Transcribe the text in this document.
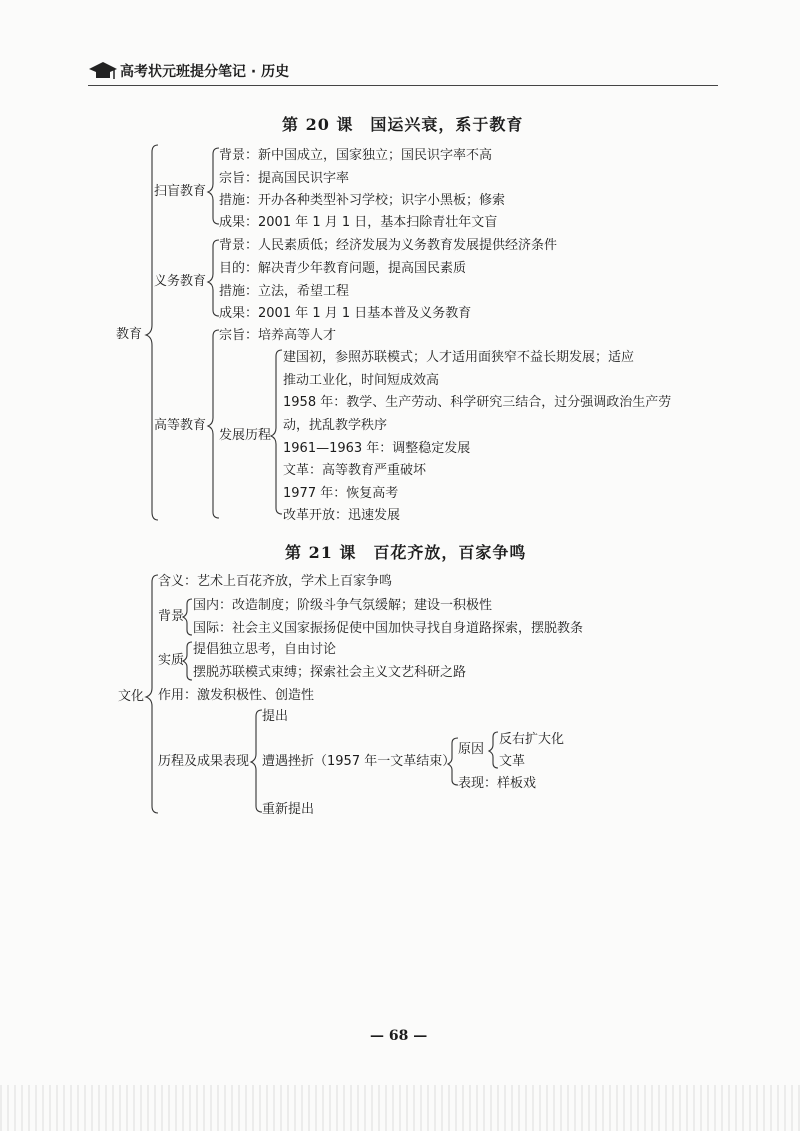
高考状元班提分笔记 · 历史
第 20 课　国运兴衰，系于教育
教育
扫盲教育
背景：新中国成立，国家独立；国民识字率不高
宗旨：提高国民识字率
措施：开办各种类型补习学校；识字小黑板；修索
成果：2001 年 1 月 1 日，基本扫除青壮年文盲
义务教育
背景：人民素质低；经济发展为义务教育发展提供经济条件
目的：解决青少年教育问题，提高国民素质
措施：立法，希望工程
成果：2001 年 1 月 1 日基本普及义务教育
高等教育
宗旨：培养高等人才
发展历程
建国初，参照苏联模式；人才适用面狭窄不益长期发展；适应
推动工业化，时间短成效高
1958 年：教学、生产劳动、科学研究三结合，过分强调政治生产劳
动，扰乱教学秩序
1961—1963 年：调整稳定发展
文革：高等教育严重破坏
1977 年：恢复高考
改革开放：迅速发展
第 21 课　百花齐放，百家争鸣
文化
含义：艺术上百花齐放，学术上百家争鸣
背景
国内：改造制度；阶级斗争气氛缓解；建设一积极性
国际：社会主义国家振扬促使中国加快寻找自身道路探索，摆脱教条
实质
提倡独立思考，自由讨论
摆脱苏联模式束缚；探索社会主义文艺科研之路
作用：激发积极性、创造性
历程及成果表现
提出
遭遇挫折（1957 年一文革结束）
原因
反右扩大化
文革
表现：样板戏
重新提出
— 68 —
